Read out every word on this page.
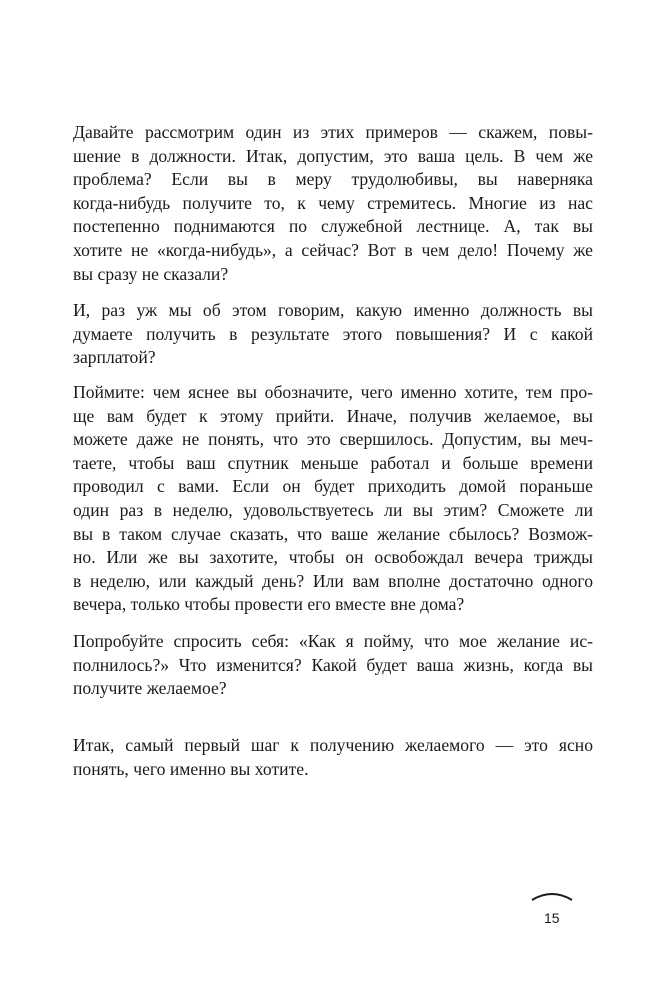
Давайте рассмотрим один из этих примеров — скажем, повы-
шение в должности. Итак, допустим, это ваша цель. В чем же
проблема? Если вы в меру трудолюбивы, вы наверняка
когда-нибудь получите то, к чему стремитесь. Многие из нас
постепенно поднимаются по служебной лестнице. А, так вы
хотите не «когда-нибудь», а сейчас? Вот в чем дело! Почему же
вы сразу не сказали?
И, раз уж мы об этом говорим, какую именно должность вы
думаете получить в результате этого повышения? И с какой
зарплатой?
Поймите: чем яснее вы обозначите, чего именно хотите, тем про-
ще вам будет к этому прийти. Иначе, получив желаемое, вы
можете даже не понять, что это свершилось. Допустим, вы меч-
таете, чтобы ваш спутник меньше работал и больше времени
проводил с вами. Если он будет приходить домой пораньше
один раз в неделю, удовольствуетесь ли вы этим? Сможете ли
вы в таком случае сказать, что ваше желание сбылось? Возмож-
но. Или же вы захотите, чтобы он освобождал вечера трижды
в неделю, или каждый день? Или вам вполне достаточно одного
вечера, только чтобы провести его вместе вне дома?
Попробуйте спросить себя: «Как я пойму, что мое желание ис-
полнилось?» Что изменится? Какой будет ваша жизнь, когда вы
получите желаемое?
Итак, самый первый шаг к получению желаемого — это ясно
понять, чего именно вы хотите.
15
